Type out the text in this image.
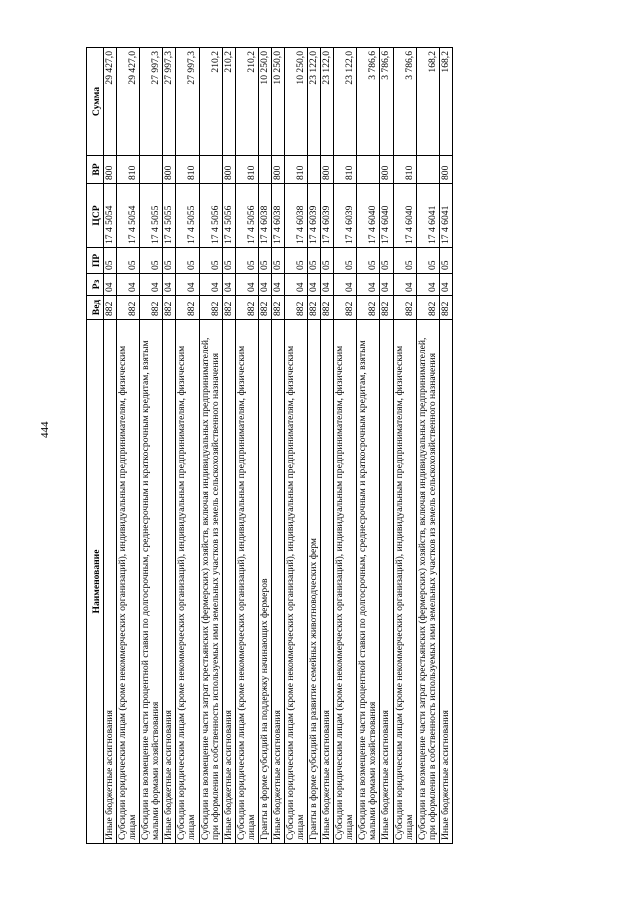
444
Наименование	Вед	Рз	ПР	ЦСР	ВР	Сумма
Иные бюджетные ассигнования	882	04	05	17 4 5054	800	29 427,0
Субсидии юридическим лицам (кроме некоммерческих организаций), индивидуальным предпринимателям, физическим лицам	882	04	05	17 4 5054	810	29 427,0
Субсидии на возмещение части процентной ставки по долгосрочным, среднесрочным и краткосрочным кредитам, взятым малыми формами хозяйствования	882	04	05	17 4 5055		27 997,3
Иные бюджетные ассигнования	882	04	05	17 4 5055	800	27 997,3
Субсидии юридическим лицам (кроме некоммерческих организаций), индивидуальным предпринимателям, физическим лицам	882	04	05	17 4 5055	810	27 997,3
Субсидии на возмещение части затрат крестьянских (фермерских) хозяйств, включая индивидуальных предпринимателей, при оформлении в собственность используемых ими земельных участков из земель сельскохозяйственного назначения	882	04	05	17 4 5056		210,2
Иные бюджетные ассигнования	882	04	05	17 4 5056	800	210,2
Субсидии юридическим лицам (кроме некоммерческих организаций), индивидуальным предпринимателям, физическим лицам	882	04	05	17 4 5056	810	210,2
Гранты в форме субсидий на поддержку начинающих фермеров	882	04	05	17 4 6038		10 250,0
Иные бюджетные ассигнования	882	04	05	17 4 6038	800	10 250,0
Субсидии юридическим лицам (кроме некоммерческих организаций), индивидуальным предпринимателям, физическим лицам	882	04	05	17 4 6038	810	10 250,0
Гранты в форме субсидий на развитие семейных животноводческих ферм	882	04	05	17 4 6039		23 122,0
Иные бюджетные ассигнования	882	04	05	17 4 6039	800	23 122,0
Субсидии юридическим лицам (кроме некоммерческих организаций), индивидуальным предпринимателям, физическим лицам	882	04	05	17 4 6039	810	23 122,0
Субсидии на возмещение части процентной ставки по долгосрочным, среднесрочным и краткосрочным кредитам, взятым малыми формами хозяйствования	882	04	05	17 4 6040		3 786,6
Иные бюджетные ассигнования	882	04	05	17 4 6040	800	3 786,6
Субсидии юридическим лицам (кроме некоммерческих организаций), индивидуальным предпринимателям, физическим лицам	882	04	05	17 4 6040	810	3 786,6
Субсидии на возмещение части затрат крестьянских (фермерских) хозяйств, включая индивидуальных предпринимателей, при оформлении в собственность используемых ими земельных участков из земель сельскохозяйственного назначения	882	04	05	17 4 6041		168,2
Иные бюджетные ассигнования	882	04	05	17 4 6041	800	168,2
